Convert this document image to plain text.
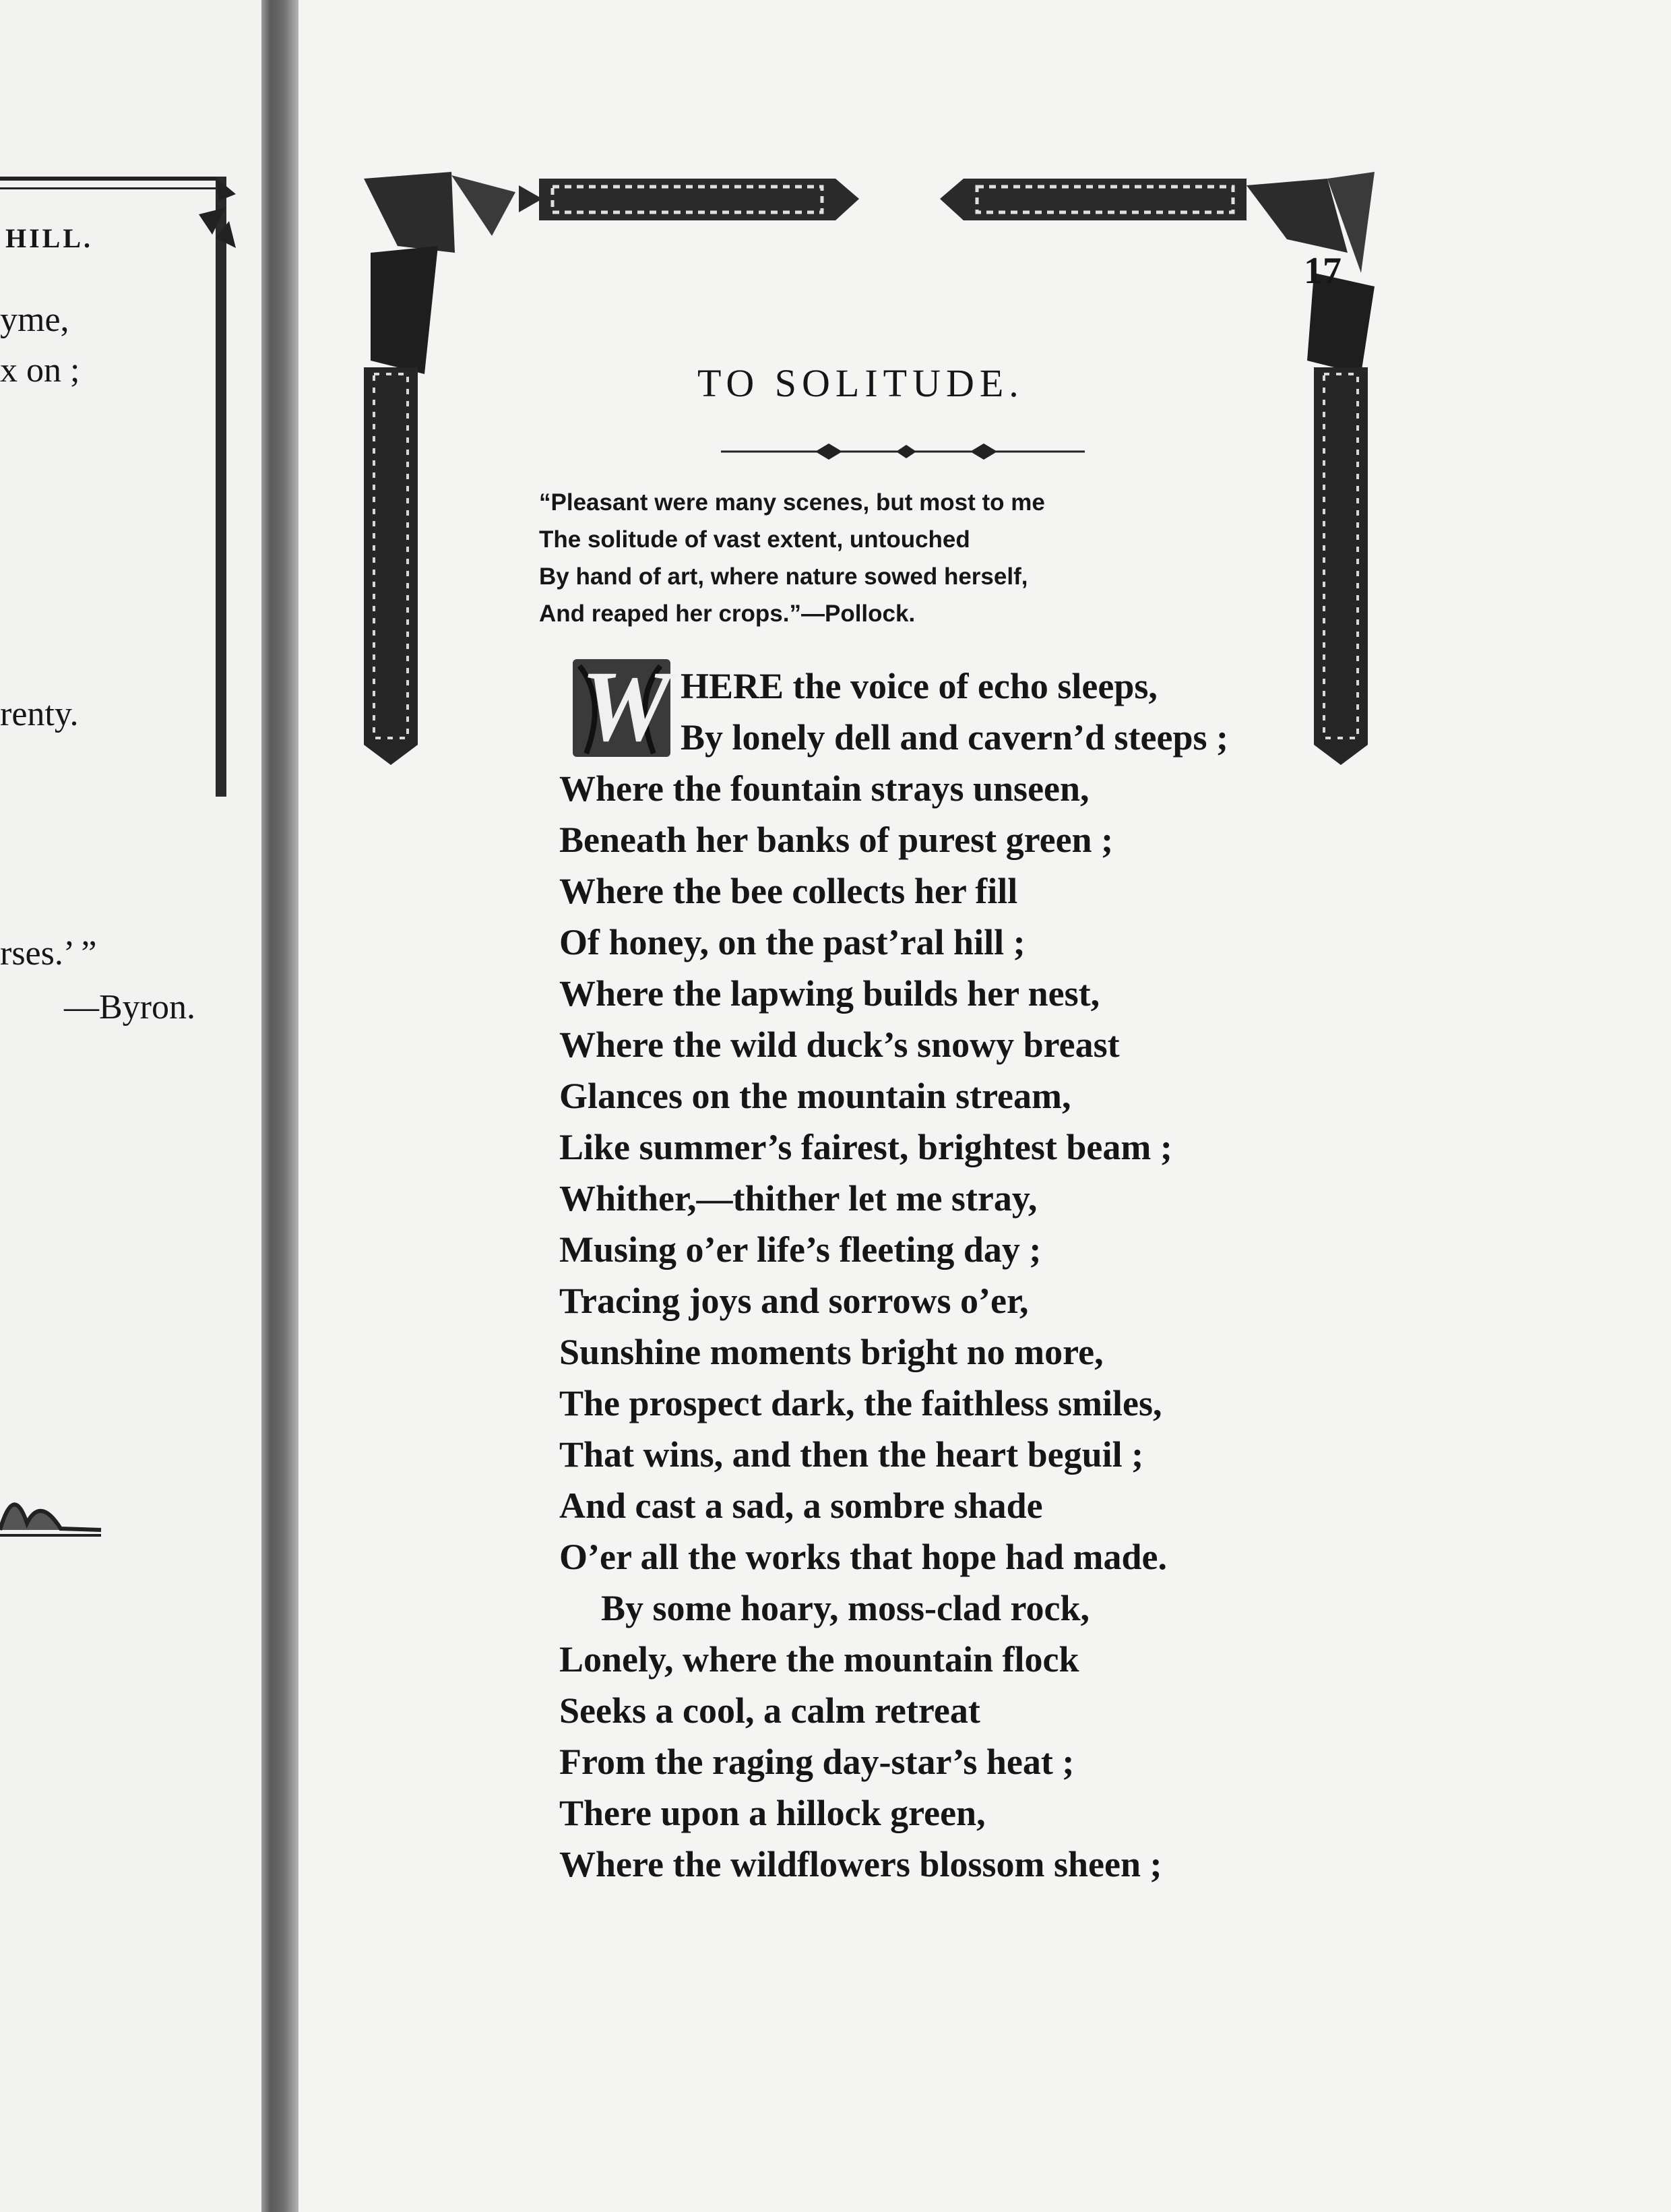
HILL.
yme,
x on ;
renty.
rses.’ ”
—Byron.
17
TO SOLITUDE.
“Pleasant were many scenes, but most to me
The solitude of vast extent, untouched
By hand of art, where nature sowed herself,
And reaped her crops.”—Pollock.
W HERE the voice of echo sleeps,
By lonely dell and cavern’d steeps ;
Where the fountain strays unseen,
Beneath her banks of purest green ;
Where the bee collects her fill
Of honey, on the past’ral hill ;
Where the lapwing builds her nest,
Where the wild duck’s snowy breast
Glances on the mountain stream,
Like summer’s fairest, brightest beam ;
Whither,—thither let me stray,
Musing o’er life’s fleeting day ;
Tracing joys and sorrows o’er,
Sunshine moments bright no more,
The prospect dark, the faithless smiles,
That wins, and then the heart beguil ;
And cast a sad, a sombre shade
O’er all the works that hope had made.
By some hoary, moss-clad rock,
Lonely, where the mountain flock
Seeks a cool, a calm retreat
From the raging day-star’s heat ;
There upon a hillock green,
Where the wildflowers blossom sheen ;
